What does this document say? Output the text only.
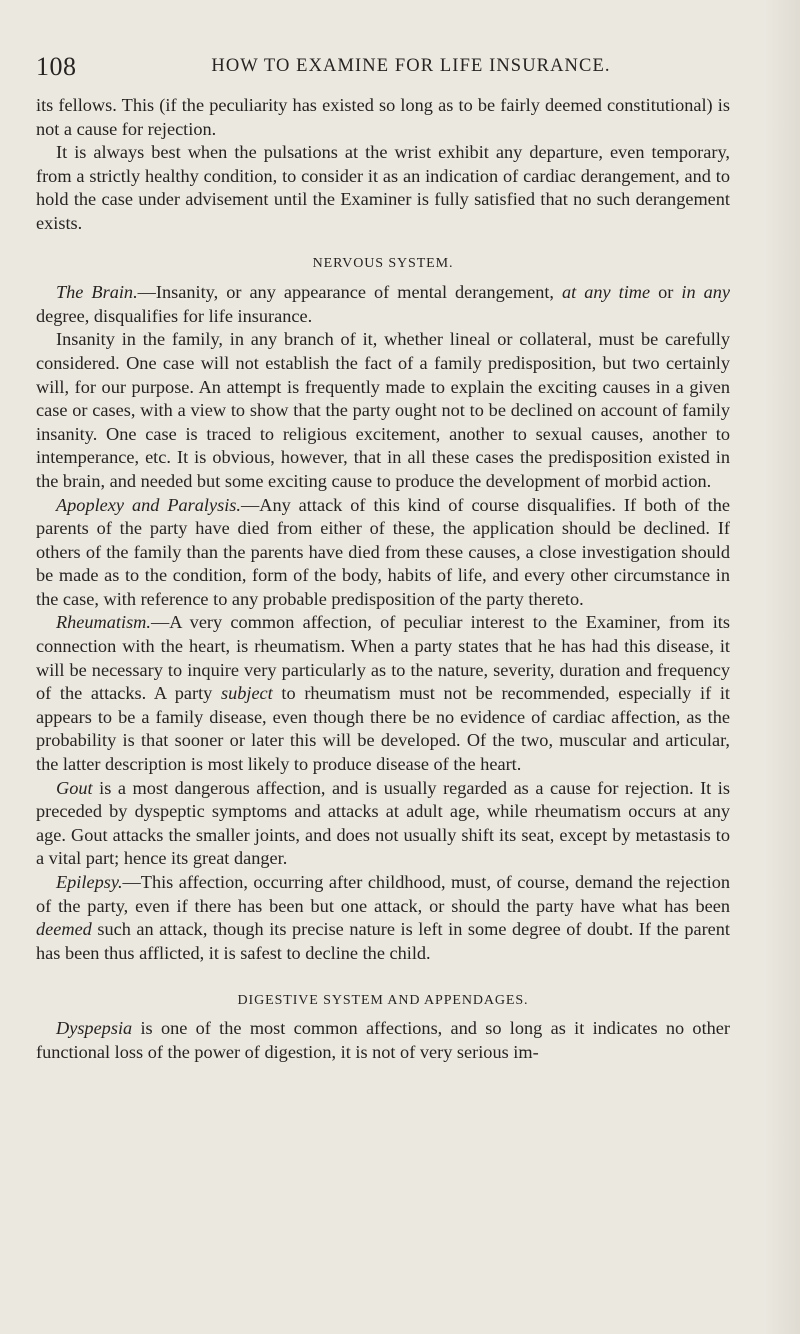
108	HOW TO EXAMINE FOR LIFE INSURANCE.

its fellows. This (if the peculiarity has existed so long as to be fairly deemed constitutional) is not a cause for rejection.

It is always best when the pulsations at the wrist exhibit any departure, even temporary, from a strictly healthy condition, to consider it as an indication of cardiac derangement, and to hold the case under advisement until the Examiner is fully satisfied that no such derangement exists.

NERVOUS SYSTEM.

The Brain.—Insanity, or any appearance of mental derangement, at any time or in any degree, disqualifies for life insurance.

Insanity in the family, in any branch of it, whether lineal or collateral, must be carefully considered. One case will not establish the fact of a family predisposition, but two certainly will, for our purpose. An attempt is frequently made to explain the exciting causes in a given case or cases, with a view to show that the party ought not to be declined on account of family insanity. One case is traced to religious excitement, another to sexual causes, another to intemperance, etc. It is obvious, however, that in all these cases the predisposition existed in the brain, and needed but some exciting cause to produce the development of morbid action.

Apoplexy and Paralysis.—Any attack of this kind of course disqualifies. If both of the parents of the party have died from either of these, the application should be declined. If others of the family than the parents have died from these causes, a close investigation should be made as to the condition, form of the body, habits of life, and every other circumstance in the case, with reference to any probable predisposition of the party thereto.

Rheumatism.—A very common affection, of peculiar interest to the Examiner, from its connection with the heart, is rheumatism. When a party states that he has had this disease, it will be necessary to inquire very particularly as to the nature, severity, duration and frequency of the attacks. A party subject to rheumatism must not be recommended, especially if it appears to be a family disease, even though there be no evidence of cardiac affection, as the probability is that sooner or later this will be developed. Of the two, muscular and articular, the latter description is most likely to produce disease of the heart.

Gout is a most dangerous affection, and is usually regarded as a cause for rejection. It is preceded by dyspeptic symptoms and attacks at adult age, while rheumatism occurs at any age. Gout attacks the smaller joints, and does not usually shift its seat, except by metastasis to a vital part; hence its great danger.

Epilepsy.—This affection, occurring after childhood, must, of course, demand the rejection of the party, even if there has been but one attack, or should the party have what has been deemed such an attack, though its precise nature is left in some degree of doubt. If the parent has been thus afflicted, it is safest to decline the child.

DIGESTIVE SYSTEM AND APPENDAGES.

Dyspepsia is one of the most common affections, and so long as it indicates no other functional loss of the power of digestion, it is not of very serious im-
